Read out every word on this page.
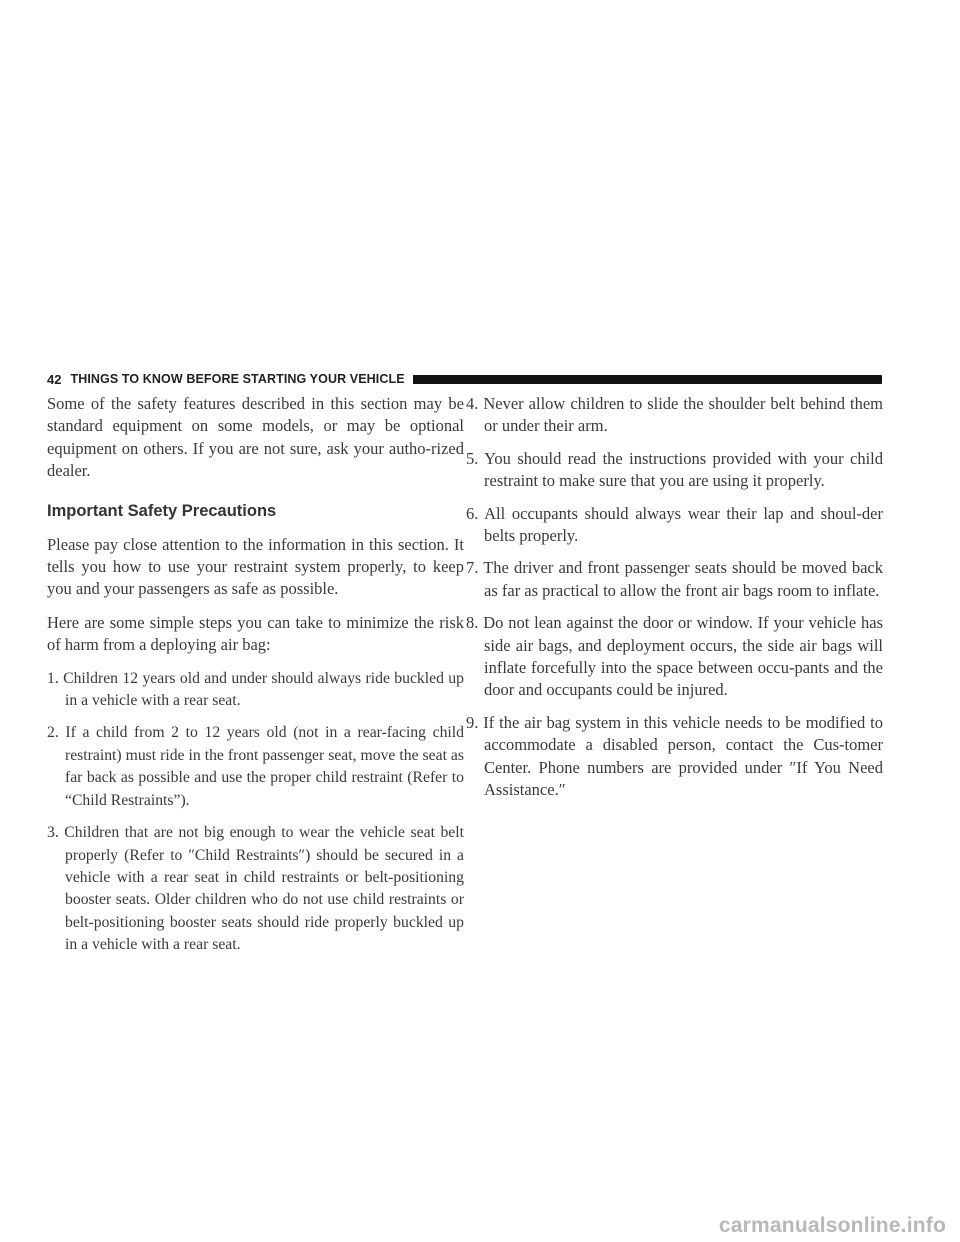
42 THINGS TO KNOW BEFORE STARTING YOUR VEHICLE

Some of the safety features described in this section may be standard equipment on some models, or may be optional equipment on others. If you are not sure, ask your autho-rized dealer.

Important Safety Precautions

Please pay close attention to the information in this section. It tells you how to use your restraint system properly, to keep you and your passengers as safe as possible.

Here are some simple steps you can take to minimize the risk of harm from a deploying air bag:

1. Children 12 years old and under should always ride buckled up in a vehicle with a rear seat.
2. If a child from 2 to 12 years old (not in a rear-facing child restraint) must ride in the front passenger seat, move the seat as far back as possible and use the proper child restraint (Refer to “Child Restraints”).
3. Children that are not big enough to wear the vehicle seat belt properly (Refer to ″Child Restraints″) should be secured in a vehicle with a rear seat in child restraints or belt-positioning booster seats. Older children who do not use child restraints or belt-positioning booster seats should ride properly buckled up in a vehicle with a rear seat.
4. Never allow children to slide the shoulder belt behind them or under their arm.
5. You should read the instructions provided with your child restraint to make sure that you are using it properly.
6. All occupants should always wear their lap and shoul-der belts properly.
7. The driver and front passenger seats should be moved back as far as practical to allow the front air bags room to inflate.
8. Do not lean against the door or window. If your vehicle has side air bags, and deployment occurs, the side air bags will inflate forcefully into the space between occu-pants and the door and occupants could be injured.
9. If the air bag system in this vehicle needs to be modified to accommodate a disabled person, contact the Cus-tomer Center. Phone numbers are provided under ″If You Need Assistance.″
carmanualsonline.info
